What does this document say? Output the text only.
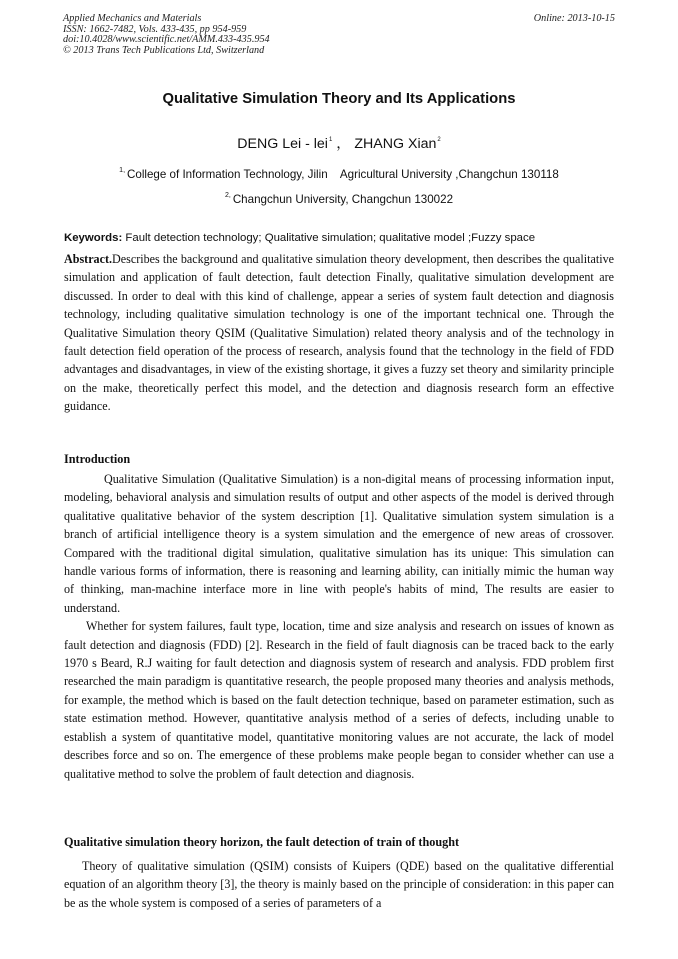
Applied Mechanics and Materials
ISSN: 1662-7482, Vols. 433-435, pp 954-959
doi:10.4028/www.scientific.net/AMM.433-435.954
© 2013 Trans Tech Publications Ltd, Switzerland
Online: 2013-10-15
Qualitative Simulation Theory and Its Applications
DENG Lei - lei$^1$ ， ZHANG Xian$^2$
$^{1,}$ College of Information Technology, Jilin    Agricultural University ,Changchun 130118
$^{2,}$ Changchun University, Changchun 130022
Keywords: Fault detection technology; Qualitative simulation; qualitative model ;Fuzzy space

Abstract.Describes the background and qualitative simulation theory development, then describes the qualitative simulation and application of fault detection, fault detection Finally, qualitative simulation development are discussed. In order to deal with this kind of challenge, appear a series of system fault detection and diagnosis technology, including qualitative simulation technology is one of the important technical one. Through the Qualitative Simulation theory QSIM (Qualitative Simulation) related theory analysis and of the technology in fault detection field operation of the process of research, analysis found that the technology in the field of FDD advantages and disadvantages, in view of the existing shortage, it gives a fuzzy set theory and similarity principle on the make, theoretically perfect this model, and the detection and diagnosis research form an effective guidance.

Introduction

Qualitative Simulation (Qualitative Simulation) is a non-digital means of processing information input, modeling, behavioral analysis and simulation results of output and other aspects of the model is derived through qualitative qualitative behavior of the system description [1]. Qualitative simulation system simulation is a branch of artificial intelligence theory is a system simulation and the emergence of new areas of crossover. Compared with the traditional digital simulation, qualitative simulation has its unique: This simulation can handle various forms of information, there is reasoning and learning ability, can initially mimic the human way of thinking, man-machine interface more in line with people's habits of mind, The results are easier to understand.

Whether for system failures, fault type, location, time and size analysis and research on issues of known as fault detection and diagnosis (FDD) [2]. Research in the field of fault diagnosis can be traced back to the early 1970 s Beard, R.J waiting for fault detection and diagnosis system of research and analysis. FDD problem first researched the main paradigm is quantitative research, the people proposed many theories and analysis methods, for example, the method which is based on the fault detection technique, based on parameter estimation, such as state estimation method. However, quantitative analysis method of a series of defects, including unable to establish a system of quantitative model, quantitative monitoring values are not accurate, the lack of model describes force and so on. The emergence of these problems make people began to consider whether can use a qualitative method to solve the problem of fault detection and diagnosis.

Qualitative simulation theory horizon, the fault detection of train of thought

Theory of qualitative simulation (QSIM) consists of Kuipers (QDE) based on the qualitative differential equation of an algorithm theory [3], the theory is mainly based on the principle of consideration: in this paper can be as the whole system is composed of a series of parameters of a
